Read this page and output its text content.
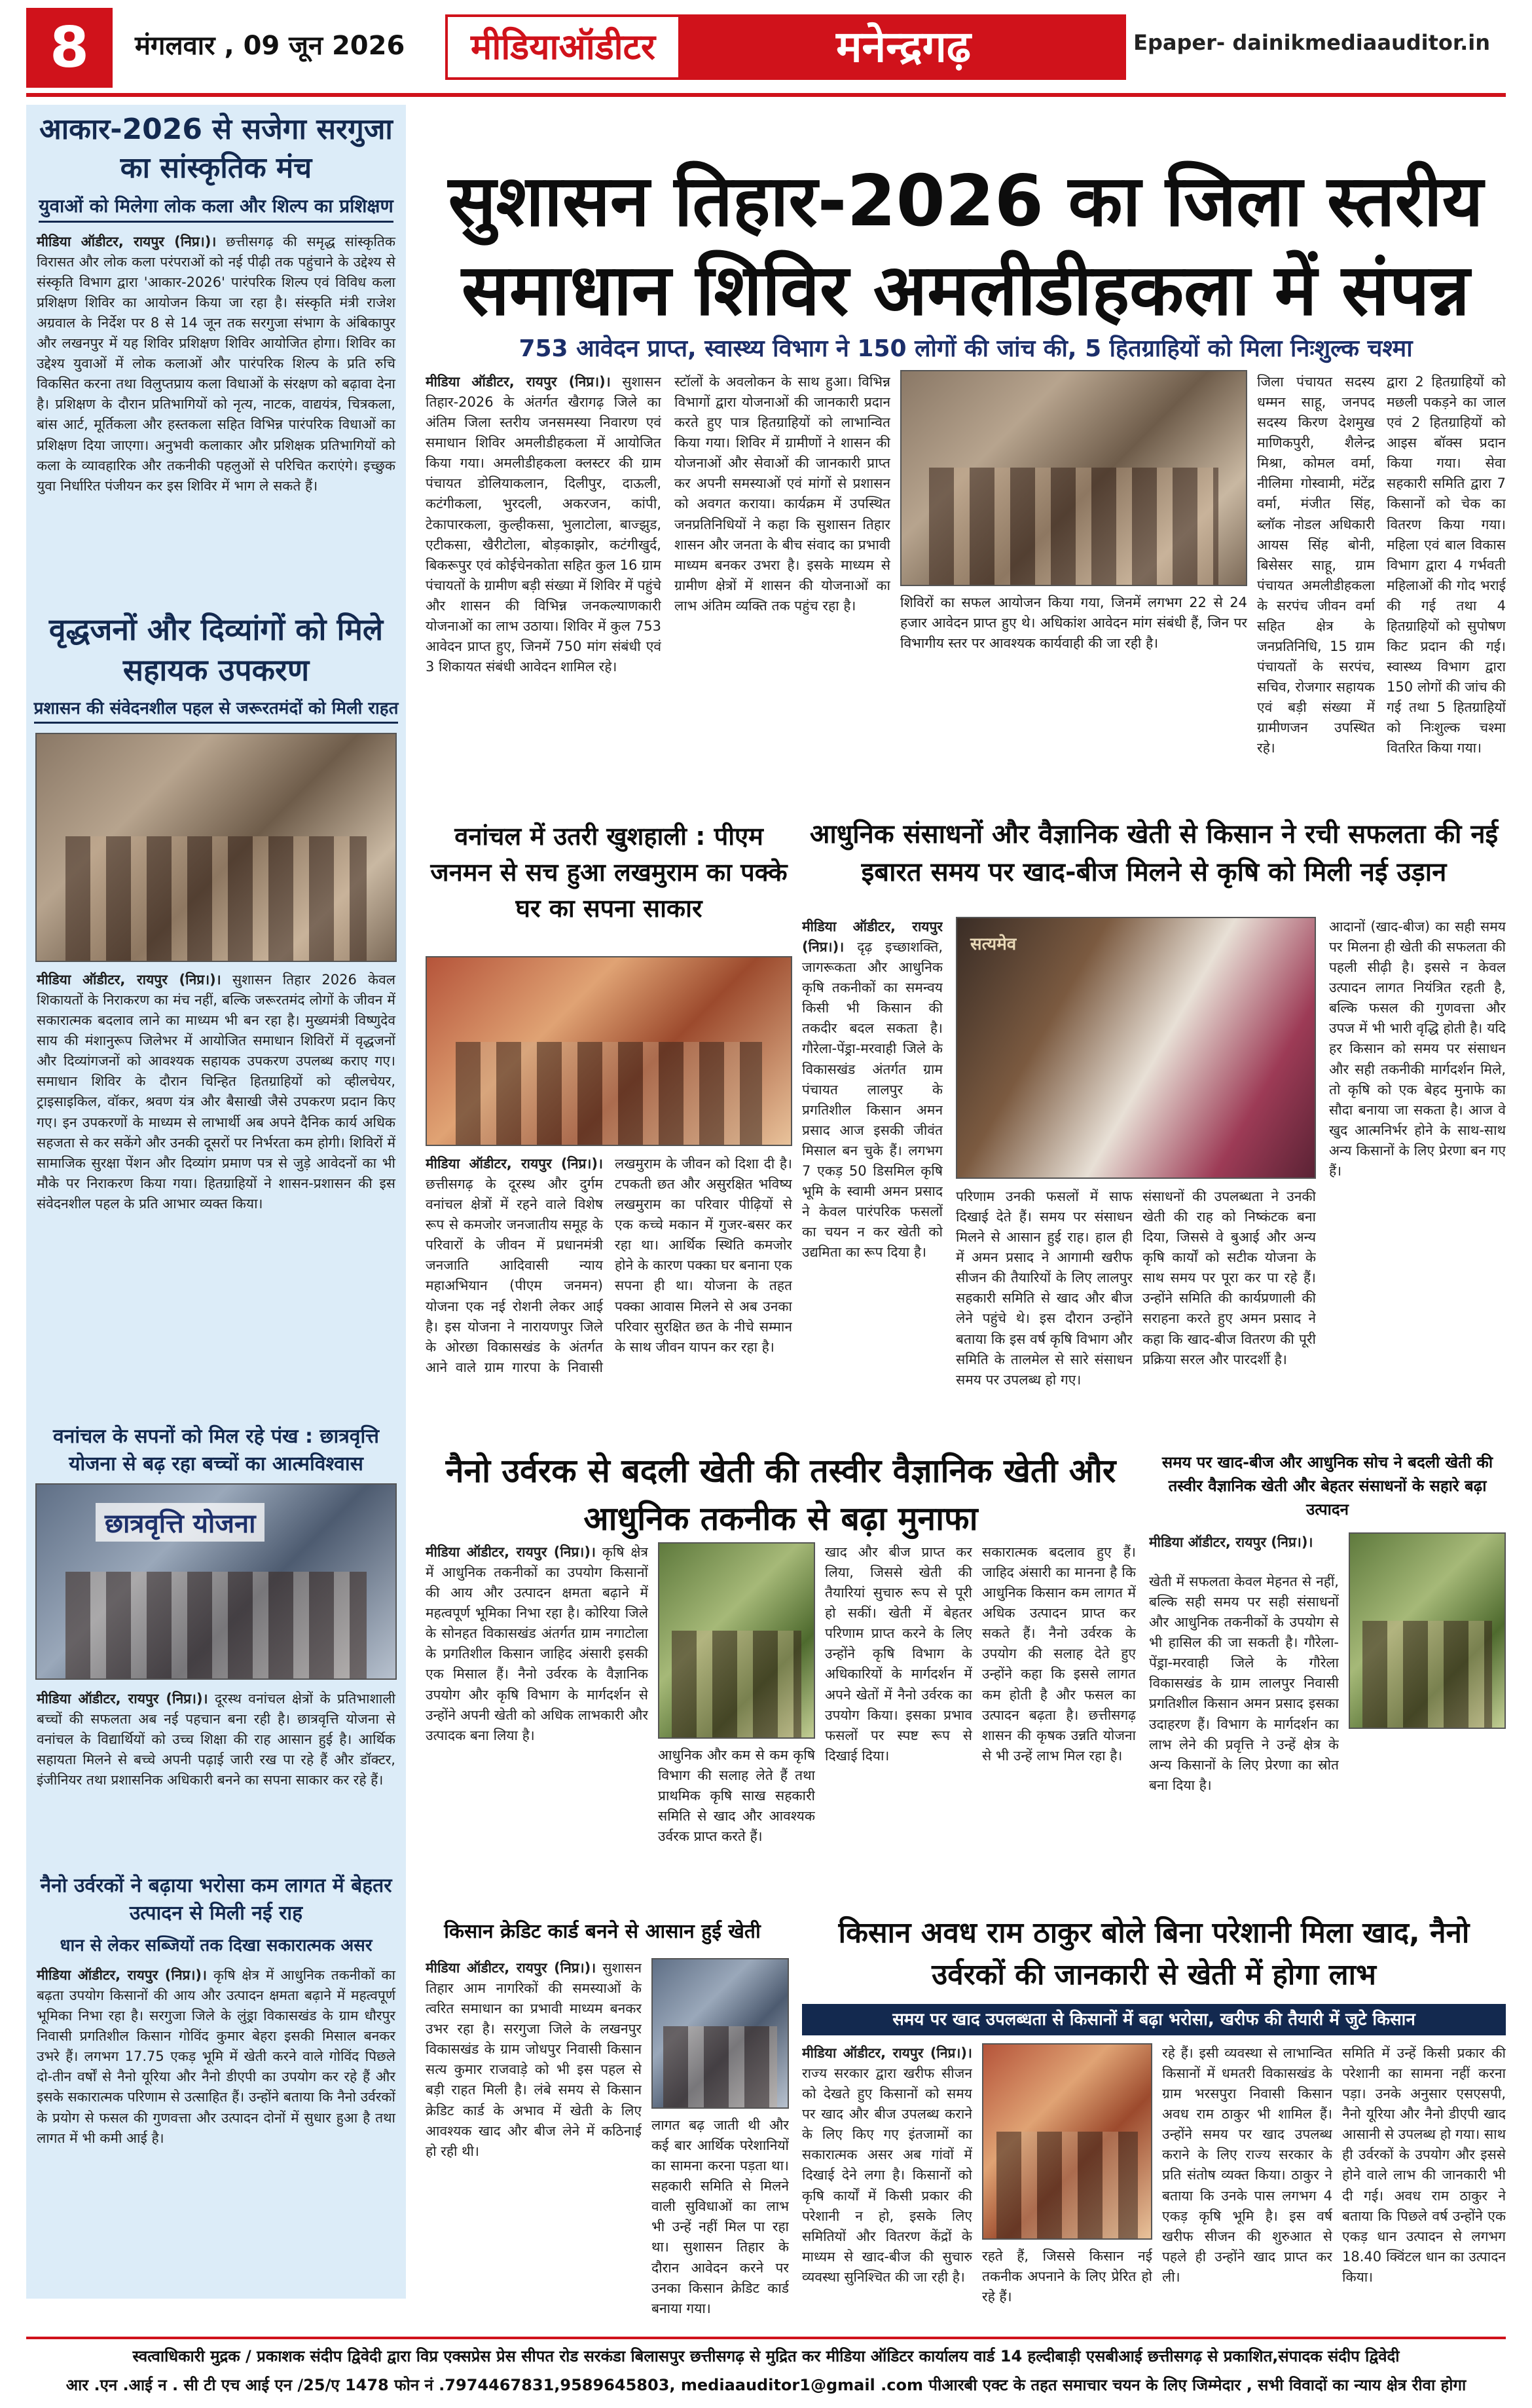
8	मंगलवार , 09 जून 2026	मीडियाऑडीटर	मनेन्द्रगढ़	Epaper- dainikmediaauditor.in
आकार-2026 से सजेगा सरगुजा का सांस्कृतिक मंच
युवाओं को मिलेगा लोक कला और शिल्प का प्रशिक्षण
मीडिया ऑडीटर, रायपुर (निप्र।)। छत्तीसगढ़ की समृद्ध सांस्कृतिक विरासत और लोक कला परंपराओं को नई पीढ़ी तक पहुंचाने के उद्देश्य से संस्कृति विभाग द्वारा 'आकार-2026' पारंपरिक शिल्प एवं विविध कला प्रशिक्षण शिविर का आयोजन किया जा रहा है। संस्कृति मंत्री राजेश अग्रवाल के निर्देश पर 8 से 14 जून तक सरगुजा संभाग के अंबिकापुर और लखनपुर में यह शिविर प्रशिक्षण शिविर आयोजित होगा। शिविर का उद्देश्य युवाओं में लोक कलाओं और पारंपरिक शिल्प के प्रति रुचि विकसित करना तथा विलुप्तप्राय कला विधाओं के संरक्षण को बढ़ावा देना है। प्रशिक्षण के दौरान प्रतिभागियों को नृत्य, नाटक, वाद्ययंत्र, चित्रकला, बांस आर्ट, मूर्तिकला और हस्तकला सहित विभिन्न पारंपरिक विधाओं का प्रशिक्षण दिया जाएगा। अनुभवी कलाकार और प्रशिक्षक प्रतिभागियों को कला के व्यावहारिक और तकनीकी पहलुओं से परिचित कराएंगे। इच्छुक युवा निर्धारित पंजीयन कर इस शिविर में भाग ले सकते हैं।
वृद्धजनों और दिव्यांगों को मिले सहायक उपकरण
प्रशासन की संवेदनशील पहल से जरूरतमंदों को मिली राहत
मीडिया ऑडीटर, रायपुर (निप्र।)। सुशासन तिहार 2026 केवल शिकायतों के निराकरण का मंच नहीं, बल्कि जरूरतमंद लोगों के जीवन में सकारात्मक बदलाव लाने का माध्यम भी बन रहा है। मुख्यमंत्री विष्णुदेव साय की मंशानुरूप जिलेभर में आयोजित समाधान शिविरों में वृद्धजनों और दिव्यांगजनों को आवश्यक सहायक उपकरण उपलब्ध कराए गए। समाधान शिविर के दौरान चिन्हित हितग्राहियों को व्हीलचेयर, ट्राइसाइकिल, वॉकर, श्रवण यंत्र और बैसाखी जैसे उपकरण प्रदान किए गए। इन उपकरणों के माध्यम से लाभार्थी अब अपने दैनिक कार्य अधिक सहजता से कर सकेंगे और उनकी दूसरों पर निर्भरता कम होगी। शिविरों में सामाजिक सुरक्षा पेंशन और दिव्यांग प्रमाण पत्र से जुड़े आवेदनों का भी मौके पर निराकरण किया गया। हितग्राहियों ने शासन-प्रशासन की इस संवेदनशील पहल के प्रति आभार व्यक्त किया।
वनांचल के सपनों को मिल रहे पंख : छात्रवृत्ति योजना से बढ़ रहा बच्चों का आत्मविश्वास
छात्रवृत्ति योजना
मीडिया ऑडीटर, रायपुर (निप्र।)। दूरस्थ वनांचल क्षेत्रों के प्रतिभाशाली बच्चों की सफलता अब नई पहचान बना रही है। छात्रवृत्ति योजना से वनांचल के विद्यार्थियों को उच्च शिक्षा की राह आसान हुई है। आर्थिक सहायता मिलने से बच्चे अपनी पढ़ाई जारी रख पा रहे हैं और डॉक्टर, इंजीनियर तथा प्रशासनिक अधिकारी बनने का सपना साकार कर रहे हैं।
नैनो उर्वरकों ने बढ़ाया भरोसा कम लागत में बेहतर उत्पादन से मिली नई राह
धान से लेकर सब्जियों तक दिखा सकारात्मक असर
मीडिया ऑडीटर, रायपुर (निप्र।)। कृषि क्षेत्र में आधुनिक तकनीकों का बढ़ता उपयोग किसानों की आय और उत्पादन क्षमता बढ़ाने में महत्वपूर्ण भूमिका निभा रहा है। सरगुजा जिले के लुंड्रा विकासखंड के ग्राम धौरपुर निवासी प्रगतिशील किसान गोविंद कुमार बेहरा इसकी मिसाल बनकर उभरे हैं। लगभग 17.75 एकड़ भूमि में खेती करने वाले गोविंद पिछले दो-तीन वर्षों से नैनो यूरिया और नैनो डीएपी का उपयोग कर रहे हैं और इसके सकारात्मक परिणाम से उत्साहित हैं। उन्होंने बताया कि नैनो उर्वरकों के प्रयोग से फसल की गुणवत्ता और उत्पादन दोनों में सुधार हुआ है तथा लागत में भी कमी आई है।
सुशासन तिहार-2026 का जिला स्तरीय समाधान शिविर अमलीडीहकला में संपन्न
753 आवेदन प्राप्त, स्वास्थ्य विभाग ने 150 लोगों की जांच की, 5 हितग्राहियों को मिला निःशुल्क चश्मा
मीडिया ऑडीटर, रायपुर (निप्र।)। सुशासन तिहार-2026 के अंतर्गत खैरागढ़ जिले का अंतिम जिला स्तरीय जनसमस्या निवारण एवं समाधान शिविर अमलीडीहकला में आयोजित किया गया। अमलीडीहकला क्लस्टर की ग्राम पंचायत डोलियाकलान, दिलीपुर, दाऊली, कटंगीकला, भुरदली, अकरजन, कांपी, टेकापारकला, कुल्हीकसा, भुलाटोला, बाज्झुड, एटीकसा, खैरीटोला, बोड़काझोर, कटंगीखुर्द, बिकरूपुर एवं कोईचेनकोता सहित कुल 16 ग्राम पंचायतों के ग्रामीण बड़ी संख्या में शिविर में पहुंचे और शासन की विभिन्न जनकल्याणकारी योजनाओं का लाभ उठाया। शिविर में कुल 753 आवेदन प्राप्त हुए, जिनमें 750 मांग संबंधी एवं 3 शिकायत संबंधी आवेदन शामिल रहे।
स्टॉलों के अवलोकन के साथ हुआ। विभिन्न विभागों द्वारा योजनाओं की जानकारी प्रदान करते हुए पात्र हितग्राहियों को लाभान्वित किया गया। शिविर में ग्रामीणों ने शासन की योजनाओं और सेवाओं की जानकारी प्राप्त कर अपनी समस्याओं एवं मांगों से प्रशासन को अवगत कराया। कार्यक्रम में उपस्थित जनप्रतिनिधियों ने कहा कि सुशासन तिहार शासन और जनता के बीच संवाद का प्रभावी माध्यम बनकर उभरा है। इसके माध्यम से ग्रामीण क्षेत्रों में शासन की योजनाओं का लाभ अंतिम व्यक्ति तक पहुंच रहा है।	शिविरों का सफल आयोजन किया गया, जिनमें लगभग 22 से 24 हजार आवेदन प्राप्त हुए थे। अधिकांश आवेदन मांग संबंधी हैं, जिन पर विभागीय स्तर पर आवश्यक कार्यवाही की जा रही है।
जिला पंचायत सदस्य धम्मन साहू, जनपद सदस्य किरण देशमुख माणिकपुरी, शैलेन्द्र मिश्रा, कोमल वर्मा, नीलिमा गोस्वामी, मंटेंद्र वर्मा, मंजीत सिंह, ब्लॉक नोडल अधिकारी आयस सिंह बोनी, बिसेसर साहू, ग्राम पंचायत अमलीडीहकला के सरपंच जीवन वर्मा सहित क्षेत्र के जनप्रतिनिधि, 15 ग्राम पंचायतों के सरपंच, सचिव, रोजगार सहायक एवं बड़ी संख्या में ग्रामीणजन उपस्थित रहे।
द्वारा 2 हितग्राहियों को मछली पकड़ने का जाल एवं 2 हितग्राहियों को आइस बॉक्स प्रदान किया गया। सेवा सहकारी समिति द्वारा 7 किसानों को चेक का वितरण किया गया। महिला एवं बाल विकास विभाग द्वारा 4 गर्भवती महिलाओं की गोद भराई की गई तथा 4 हितग्राहियों को सुपोषण किट प्रदान की गई। स्वास्थ्य विभाग द्वारा 150 लोगों की जांच की गई तथा 5 हितग्राहियों को निःशुल्क चश्मा वितरित किया गया।
वनांचल में उतरी खुशहाली : पीएम जनमन से सच हुआ लखमुराम का पक्के घर का सपना साकार
मीडिया ऑडीटर, रायपुर (निप्र।)। छत्तीसगढ़ के दूरस्थ और दुर्गम वनांचल क्षेत्रों में रहने वाले विशेष रूप से कमजोर जनजातीय समूह के परिवारों के जीवन में प्रधानमंत्री जनजाति आदिवासी न्याय महाअभियान (पीएम जनमन) योजना एक नई रोशनी लेकर आई है। इस योजना ने नारायणपुर जिले के ओरछा विकासखंड के अंतर्गत आने वाले ग्राम गारपा के निवासी लखमुराम के जीवन को दिशा दी है। टपकती छत और असुरक्षित भविष्य लखमुराम का परिवार पीढ़ियों से एक कच्चे मकान में गुजर-बसर कर रहा था। आर्थिक स्थिति कमजोर होने के कारण पक्का घर बनाना एक सपना ही था। योजना के तहत पक्का आवास मिलने से अब उनका परिवार सुरक्षित छत के नीचे सम्मान के साथ जीवन यापन कर रहा है।
आधुनिक संसाधनों और वैज्ञानिक खेती से किसान ने रची सफलता की नई इबारत समय पर खाद-बीज मिलने से कृषि को मिली नई उड़ान
मीडिया ऑडीटर, रायपुर (निप्र।)। दृढ़ इच्छाशक्ति, जागरूकता और आधुनिक कृषि तकनीकों का समन्वय किसी भी किसान की तकदीर बदल सकता है। गौरेला-पेंड्रा-मरवाही जिले के विकासखंड अंतर्गत ग्राम पंचायत लालपुर के प्रगतिशील किसान अमन प्रसाद आज इसकी जीवंत मिसाल बन चुके हैं। लगभग 7 एकड़ 50 डिसमिल कृषि भूमि के स्वामी अमन प्रसाद ने केवल पारंपरिक फसलों का चयन न कर खेती को उद्यमिता का रूप दिया है।
सत्यमेव
परिणाम उनकी फसलों में साफ दिखाई देते हैं। समय पर संसाधन मिलने से आसान हुई राह। हाल ही में अमन प्रसाद ने आगामी खरीफ सीजन की तैयारियों के लिए लालपुर सहकारी समिति से खाद और बीज लेने पहुंचे थे। इस दौरान उन्होंने बताया कि इस वर्ष कृषि विभाग और समिति के तालमेल से सारे संसाधन समय पर उपलब्ध हो गए।
संसाधनों की उपलब्धता ने उनकी खेती की राह को निष्कंटक बना दिया, जिससे वे बुआई और अन्य कृषि कार्यों को सटीक योजना के साथ समय पर पूरा कर पा रहे हैं। उन्होंने समिति की कार्यप्रणाली की सराहना करते हुए अमन प्रसाद ने कहा कि खाद-बीज वितरण की पूरी प्रक्रिया सरल और पारदर्शी है।
आदानों (खाद-बीज) का सही समय पर मिलना ही खेती की सफलता की पहली सीढ़ी है। इससे न केवल उत्पादन लागत नियंत्रित रहती है, बल्कि फसल की गुणवत्ता और उपज में भी भारी वृद्धि होती है। यदि हर किसान को समय पर संसाधन और सही तकनीकी मार्गदर्शन मिले, तो कृषि को एक बेहद मुनाफे का सौदा बनाया जा सकता है। आज वे खुद आत्मनिर्भर होने के साथ-साथ अन्य किसानों के लिए प्रेरणा बन गए हैं।
नैनो उर्वरक से बदली खेती की तस्वीर वैज्ञानिक खेती और आधुनिक तकनीक से बढ़ा मुनाफा
मीडिया ऑडीटर, रायपुर (निप्र।)। कृषि क्षेत्र में आधुनिक तकनीकों का उपयोग किसानों की आय और उत्पादन क्षमता बढ़ाने में महत्वपूर्ण भूमिका निभा रहा है। कोरिया जिले के सोनहत विकासखंड अंतर्गत ग्राम नगाटोला के प्रगतिशील किसान जाहिद अंसारी इसकी एक मिसाल हैं। नैनो उर्वरक के वैज्ञानिक उपयोग और कृषि विभाग के मार्गदर्शन से उन्होंने अपनी खेती को अधिक लाभकारी और उत्पादक बना लिया है।
आधुनिक और कम से कम कृषि विभाग की सलाह लेते हैं तथा प्राथमिक कृषि साख सहकारी समिति से खाद और आवश्यक उर्वरक प्राप्त करते हैं।
खाद और बीज प्राप्त कर लिया, जिससे खेती की तैयारियां सुचारु रूप से पूरी हो सकीं। खेती में बेहतर परिणाम प्राप्त करने के लिए उन्होंने कृषि विभाग के अधिकारियों के मार्गदर्शन में अपने खेतों में नैनो उर्वरक का उपयोग किया। इसका प्रभाव फसलों पर स्पष्ट रूप से दिखाई दिया।
सकारात्मक बदलाव हुए हैं। जाहिद अंसारी का मानना है कि आधुनिक किसान कम लागत में अधिक उत्पादन प्राप्त कर सकते हैं। नैनो उर्वरक के उपयोग की सलाह देते हुए उन्होंने कहा कि इससे लागत कम होती है और फसल का उत्पादन बढ़ता है। छत्तीसगढ़ शासन की कृषक उन्नति योजना से भी उन्हें लाभ मिल रहा है।
समय पर खाद-बीज और आधुनिक सोच ने बदली खेती की तस्वीर वैज्ञानिक खेती और बेहतर संसाधनों के सहारे बढ़ा उत्पादन
मीडिया ऑडीटर, रायपुर (निप्र।)।
खेती में सफलता केवल मेहनत से नहीं, बल्कि सही समय पर सही संसाधनों और आधुनिक तकनीकों के उपयोग से भी हासिल की जा सकती है। गौरेला-पेंड्रा-मरवाही जिले के गौरेला विकासखंड के ग्राम लालपुर निवासी प्रगतिशील किसान अमन प्रसाद इसका उदाहरण हैं। विभाग के मार्गदर्शन का लाभ लेने की प्रवृत्ति ने उन्हें क्षेत्र के अन्य किसानों के लिए प्रेरणा का स्रोत बना दिया है।
किसान क्रेडिट कार्ड बनने से आसान हुई खेती
मीडिया ऑडीटर, रायपुर (निप्र।)। सुशासन तिहार आम नागरिकों की समस्याओं के त्वरित समाधान का प्रभावी माध्यम बनकर उभर रहा है। सरगुजा जिले के लखनपुर विकासखंड के ग्राम जोधपुर निवासी किसान सत्य कुमार राजवाड़े को भी इस पहल से बड़ी राहत मिली है। लंबे समय से किसान क्रेडिट कार्ड के अभाव में खेती के लिए आवश्यक खाद और बीज लेने में कठिनाई हो रही थी।
लागत बढ़ जाती थी और कई बार आर्थिक परेशानियों का सामना करना पड़ता था। सहकारी समिति से मिलने वाली सुविधाओं का लाभ भी उन्हें नहीं मिल पा रहा था। सुशासन तिहार के दौरान आवेदन करने पर उनका किसान क्रेडिट कार्ड बनाया गया।
किसान अवध राम ठाकुर बोले बिना परेशानी मिला खाद, नैनो उर्वरकों की जानकारी से खेती में होगा लाभ
समय पर खाद उपलब्धता से किसानों में बढ़ा भरोसा, खरीफ की तैयारी में जुटे किसान
मीडिया ऑडीटर, रायपुर (निप्र।)। राज्य सरकार द्वारा खरीफ सीजन को देखते हुए किसानों को समय पर खाद और बीज उपलब्ध कराने के लिए किए गए इंतजामों का सकारात्मक असर अब गांवों में दिखाई देने लगा है। किसानों को कृषि कार्यों में किसी प्रकार की परेशानी न हो, इसके लिए समितियों और वितरण केंद्रों के माध्यम से खाद-बीज की सुचारु व्यवस्था सुनिश्चित की जा रही है।
रहते हैं, जिससे किसान नई तकनीक अपनाने के लिए प्रेरित हो रहे हैं।
रहे हैं। इसी व्यवस्था से लाभान्वित किसानों में धमतरी विकासखंड के ग्राम भरसपुरा निवासी किसान अवध राम ठाकुर भी शामिल हैं। उन्होंने समय पर खाद उपलब्ध कराने के लिए राज्य सरकार के प्रति संतोष व्यक्त किया। ठाकुर ने बताया कि उनके पास लगभग 4 एकड़ कृषि भूमि है। इस वर्ष खरीफ सीजन की शुरुआत से पहले ही उन्होंने खाद प्राप्त कर ली।
समिति में उन्हें किसी प्रकार की परेशानी का सामना नहीं करना पड़ा। उनके अनुसार एसएसपी, नैनो यूरिया और नैनो डीएपी खाद आसानी से उपलब्ध हो गया। साथ ही उर्वरकों के उपयोग और इससे होने वाले लाभ की जानकारी भी दी गई। अवध राम ठाकुर ने बताया कि पिछले वर्ष उन्होंने एक एकड़ धान उत्पादन से लगभग 18.40 क्विंटल धान का उत्पादन किया।
स्वत्वाधिकारी मुद्रक / प्रकाशक संदीप द्विवेदी द्वारा विप्र एक्सप्रेस प्रेस सीपत रोड सरकंडा बिलासपुर छत्तीसगढ़ से मुद्रित कर मीडिया ऑडिटर कार्यालय वार्ड 14 हल्दीबाड़ी एसबीआई छत्तीसगढ़ से प्रकाशित,संपादक संदीप द्विवेदी
आर .एन .आई न . सी टी एच आई एन /25/ए 1478 फोन नं .7974467831,9589645803, mediaauditor1@gmail .com पीआरबी एक्ट के तहत समाचार चयन के लिए जिम्मेदार , सभी विवादों का न्याय क्षेत्र रीवा होगा
